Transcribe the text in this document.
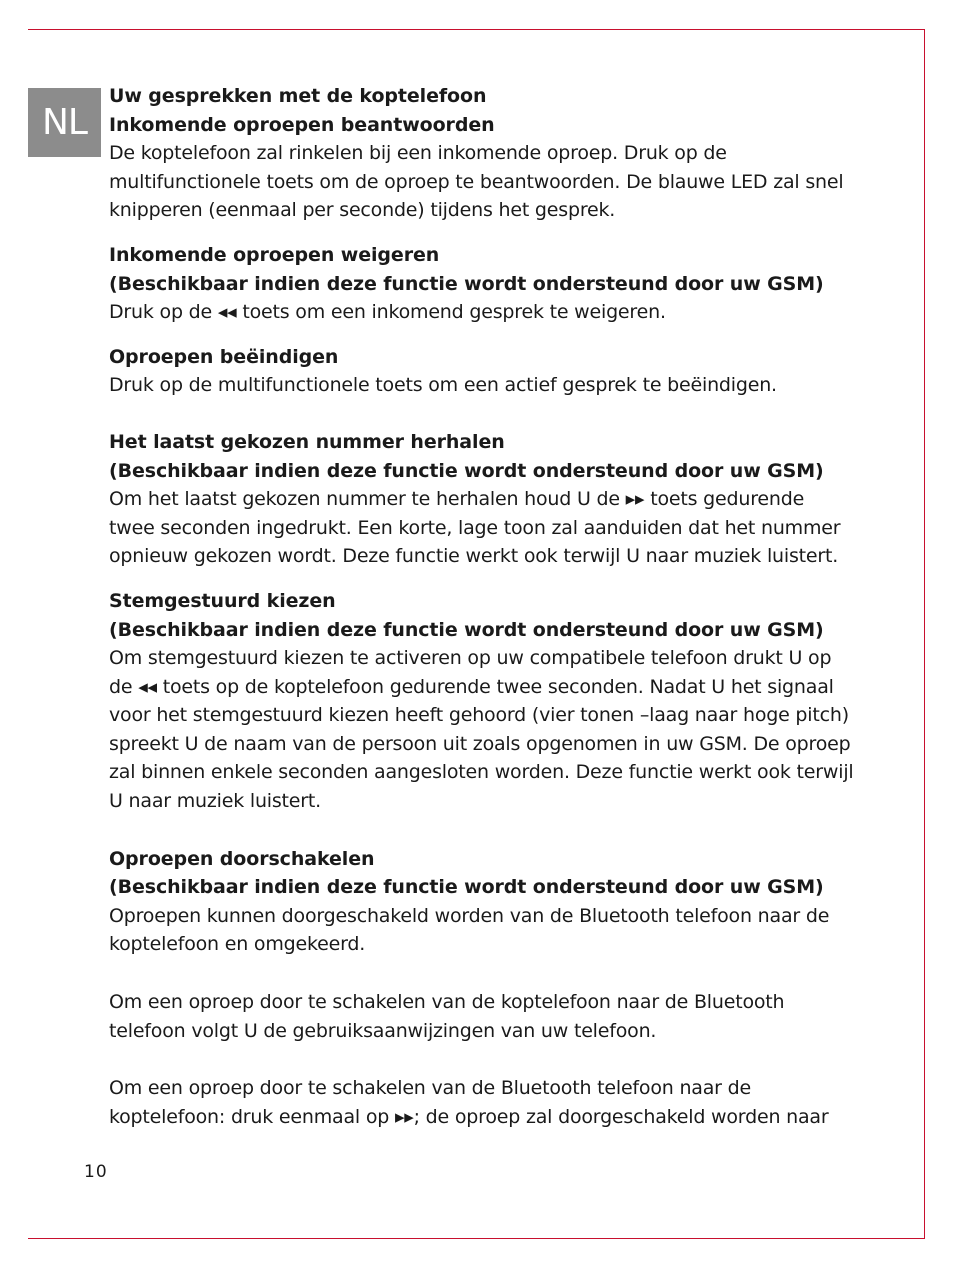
NL
Uw gesprekken met de koptelefoon
Inkomende oproepen beantwoorden
De koptelefoon zal rinkelen bij een inkomende oproep. Druk op de
multifunctionele toets om de oproep te beantwoorden. De blauwe LED zal snel
knipperen (eenmaal per seconde) tijdens het gesprek.
Inkomende oproepen weigeren
(Beschikbaar indien deze functie wordt ondersteund door uw GSM)
Druk op de ◂◂ toets om een inkomend gesprek te weigeren.
Oproepen beëindigen
Druk op de multifunctionele toets om een actief gesprek te beëindigen.
Het laatst gekozen nummer herhalen
(Beschikbaar indien deze functie wordt ondersteund door uw GSM)
Om het laatst gekozen nummer te herhalen houd U de ▸▸ toets gedurende
twee seconden ingedrukt. Een korte, lage toon zal aanduiden dat het nummer
opnieuw gekozen wordt. Deze functie werkt ook terwijl U naar muziek luistert.
Stemgestuurd kiezen
(Beschikbaar indien deze functie wordt ondersteund door uw GSM)
Om stemgestuurd kiezen te activeren op uw compatibele telefoon drukt U op
de ◂◂ toets op de koptelefoon gedurende twee seconden. Nadat U het signaal
voor het stemgestuurd kiezen heeft gehoord (vier tonen –laag naar hoge pitch)
spreekt U de naam van de persoon uit zoals opgenomen in uw GSM. De oproep
zal binnen enkele seconden aangesloten worden. Deze functie werkt ook terwijl
U naar muziek luistert.
Oproepen doorschakelen
(Beschikbaar indien deze functie wordt ondersteund door uw GSM)
Oproepen kunnen doorgeschakeld worden van de Bluetooth telefoon naar de
koptelefoon en omgekeerd.
Om een oproep door te schakelen van de koptelefoon naar de Bluetooth
telefoon volgt U de gebruiksaanwijzingen van uw telefoon.
Om een oproep door te schakelen van de Bluetooth telefoon naar de
koptelefoon: druk eenmaal op ▸▸; de oproep zal doorgeschakeld worden naar
10
